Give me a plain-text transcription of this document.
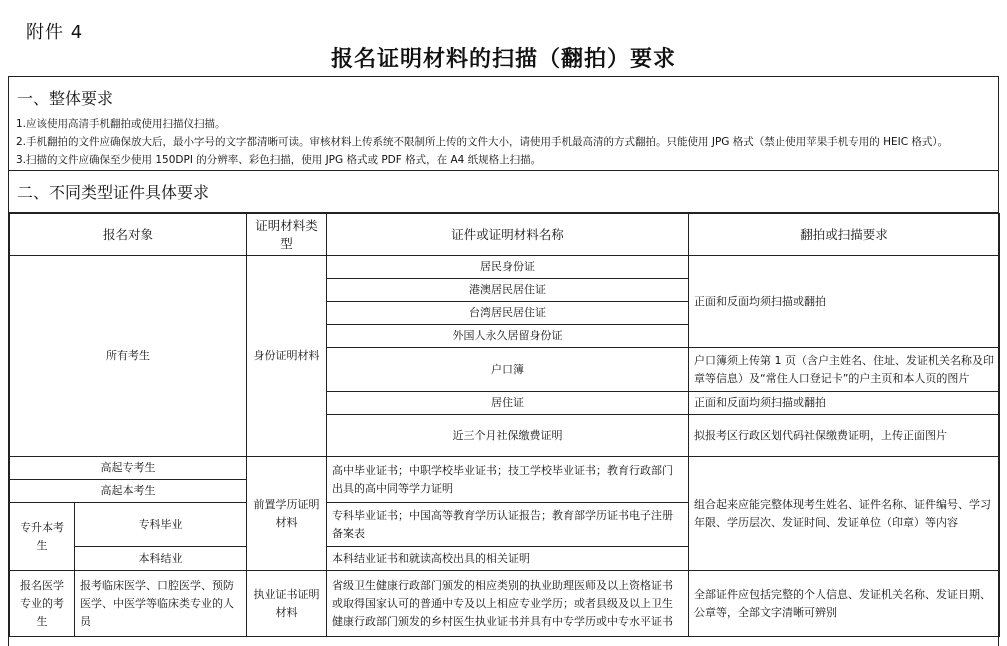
附件 4
报名证明材料的扫描（翻拍）要求
一、整体要求
1.应该使用高清手机翻拍或使用扫描仪扫描。
2.手机翻拍的文件应确保放大后，最小字号的文字都清晰可读。审核材料上传系统不限制所上传的文件大小，请使用手机最高清的方式翻拍。只能使用 JPG 格式（禁止使用苹果手机专用的 HEIC 格式）。
3.扫描的文件应确保至少使用 150DPI 的分辨率、彩色扫描，使用 JPG 格式或 PDF 格式，在 A4 纸规格上扫描。
二、不同类型证件具体要求
报名对象		证明材料类型	证件或证明材料名称	翻拍或扫描要求
所有考生		身份证明材料	居民身份证	正面和反面均须扫描或翻拍
			港澳居民居住证	
			台湾居民居住证	
			外国人永久居留身份证	
			户口簿	户口簿须上传第 1 页（含户主姓名、住址、发证机关名称及印章等信息）及“常住人口登记卡”的户主页和本人页的图片
			居住证	正面和反面均须扫描或翻拍
			近三个月社保缴费证明	拟报考区行政区划代码社保缴费证明，上传正面图片
高起专考生		前置学历证明材料	高中毕业证书；中职学校毕业证书；技工学校毕业证书；教育行政部门出具的高中同等学力证明	组合起来应能完整体现考生姓名、证件名称、证件编号、学习年限、学历层次、发证时间、发证单位（印章）等内容
高起本考生				
专升本考生	专科毕业		专科毕业证书；中国高等教育学历认证报告；教育部学历证书电子注册备案表	

	本科结业		本科结业证书和就读高校出具的相关证明	
报名医学专业的考生	报考临床医学、口腔医学、预防医学、中医学等临床类专业的人员	执业证书证明材料	省级卫生健康行政部门颁发的相应类别的执业助理医师及以上资格证书或取得国家认可的普通中专及以上相应专业学历；或者县级及以上卫生健康行政部门颁发的乡村医生执业证书并具有中专学历或中专水平证书	全部证件应包括完整的个人信息、发证机关名称、发证日期、公章等，全部文字清晰可辨别
